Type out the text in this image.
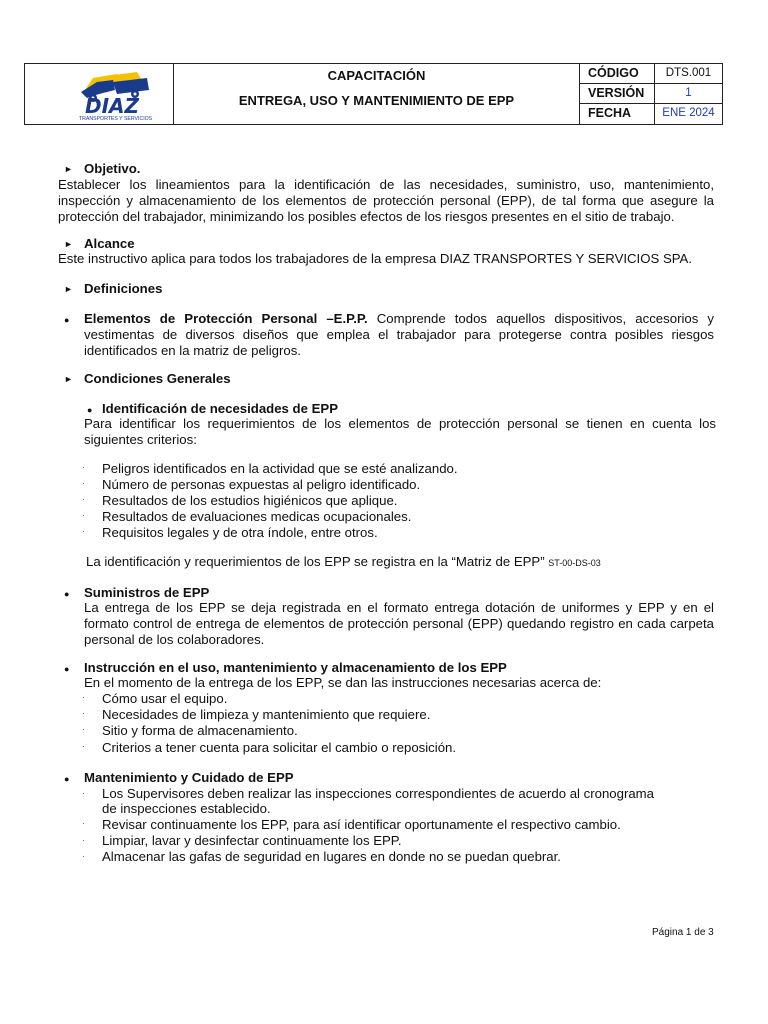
DIAZ
TRANSPORTES Y SERVICIOS
CAPACITACIÓN
ENTREGA, USO Y MANTENIMIENTO DE EPP
CÓDIGO	DTS.001
VERSIÓN	1
FECHA	ENE 2024
► Objetivo.
Establecer los lineamientos para la identificación de las necesidades, suministro, uso, mantenimiento, inspección y almacenamiento de los elementos de protección personal (EPP), de tal forma que asegure la protección del trabajador, minimizando los posibles efectos de los riesgos presentes en el sitio de trabajo.
► Alcance
Este instructivo aplica para todos los trabajadores de la empresa DIAZ TRANSPORTES Y SERVICIOS SPA.
► Definiciones
● Elementos de Protección Personal –E.P.P. Comprende todos aquellos dispositivos, accesorios y vestimentas de diversos diseños que emplea el trabajador para protegerse contra posibles riesgos identificados en la matriz de peligros.
► Condiciones Generales
● Identificación de necesidades de EPP
Para identificar los requerimientos de los elementos de protección personal se tienen en cuenta los siguientes criterios:
· Peligros identificados en la actividad que se esté analizando.
· Número de personas expuestas al peligro identificado.
· Resultados de los estudios higiénicos que aplique.
· Resultados de evaluaciones medicas ocupacionales.
· Requisitos legales y de otra índole, entre otros.
La identificación y requerimientos de los EPP se registra en la “Matriz de EPP” ST-00-DS-03
● Suministros de EPP
La entrega de los EPP se deja registrada en el formato entrega dotación de uniformes y EPP y en el formato control de entrega de elementos de protección personal (EPP) quedando registro en cada carpeta personal de los colaboradores.
● Instrucción en el uso, mantenimiento y almacenamiento de los EPP
En el momento de la entrega de los EPP, se dan las instrucciones necesarias acerca de:
· Cómo usar el equipo.
· Necesidades de limpieza y mantenimiento que requiere.
· Sitio y forma de almacenamiento.
· Criterios a tener cuenta para solicitar el cambio o reposición.
● Mantenimiento y Cuidado de EPP
· Los Supervisores deben realizar las inspecciones correspondientes de acuerdo al cronograma
de inspecciones establecido.
· Revisar continuamente los EPP, para así identificar oportunamente el respectivo cambio.
· Limpiar, lavar y desinfectar continuamente los EPP.
· Almacenar las gafas de seguridad en lugares en donde no se puedan quebrar.
Página 1 de 3
